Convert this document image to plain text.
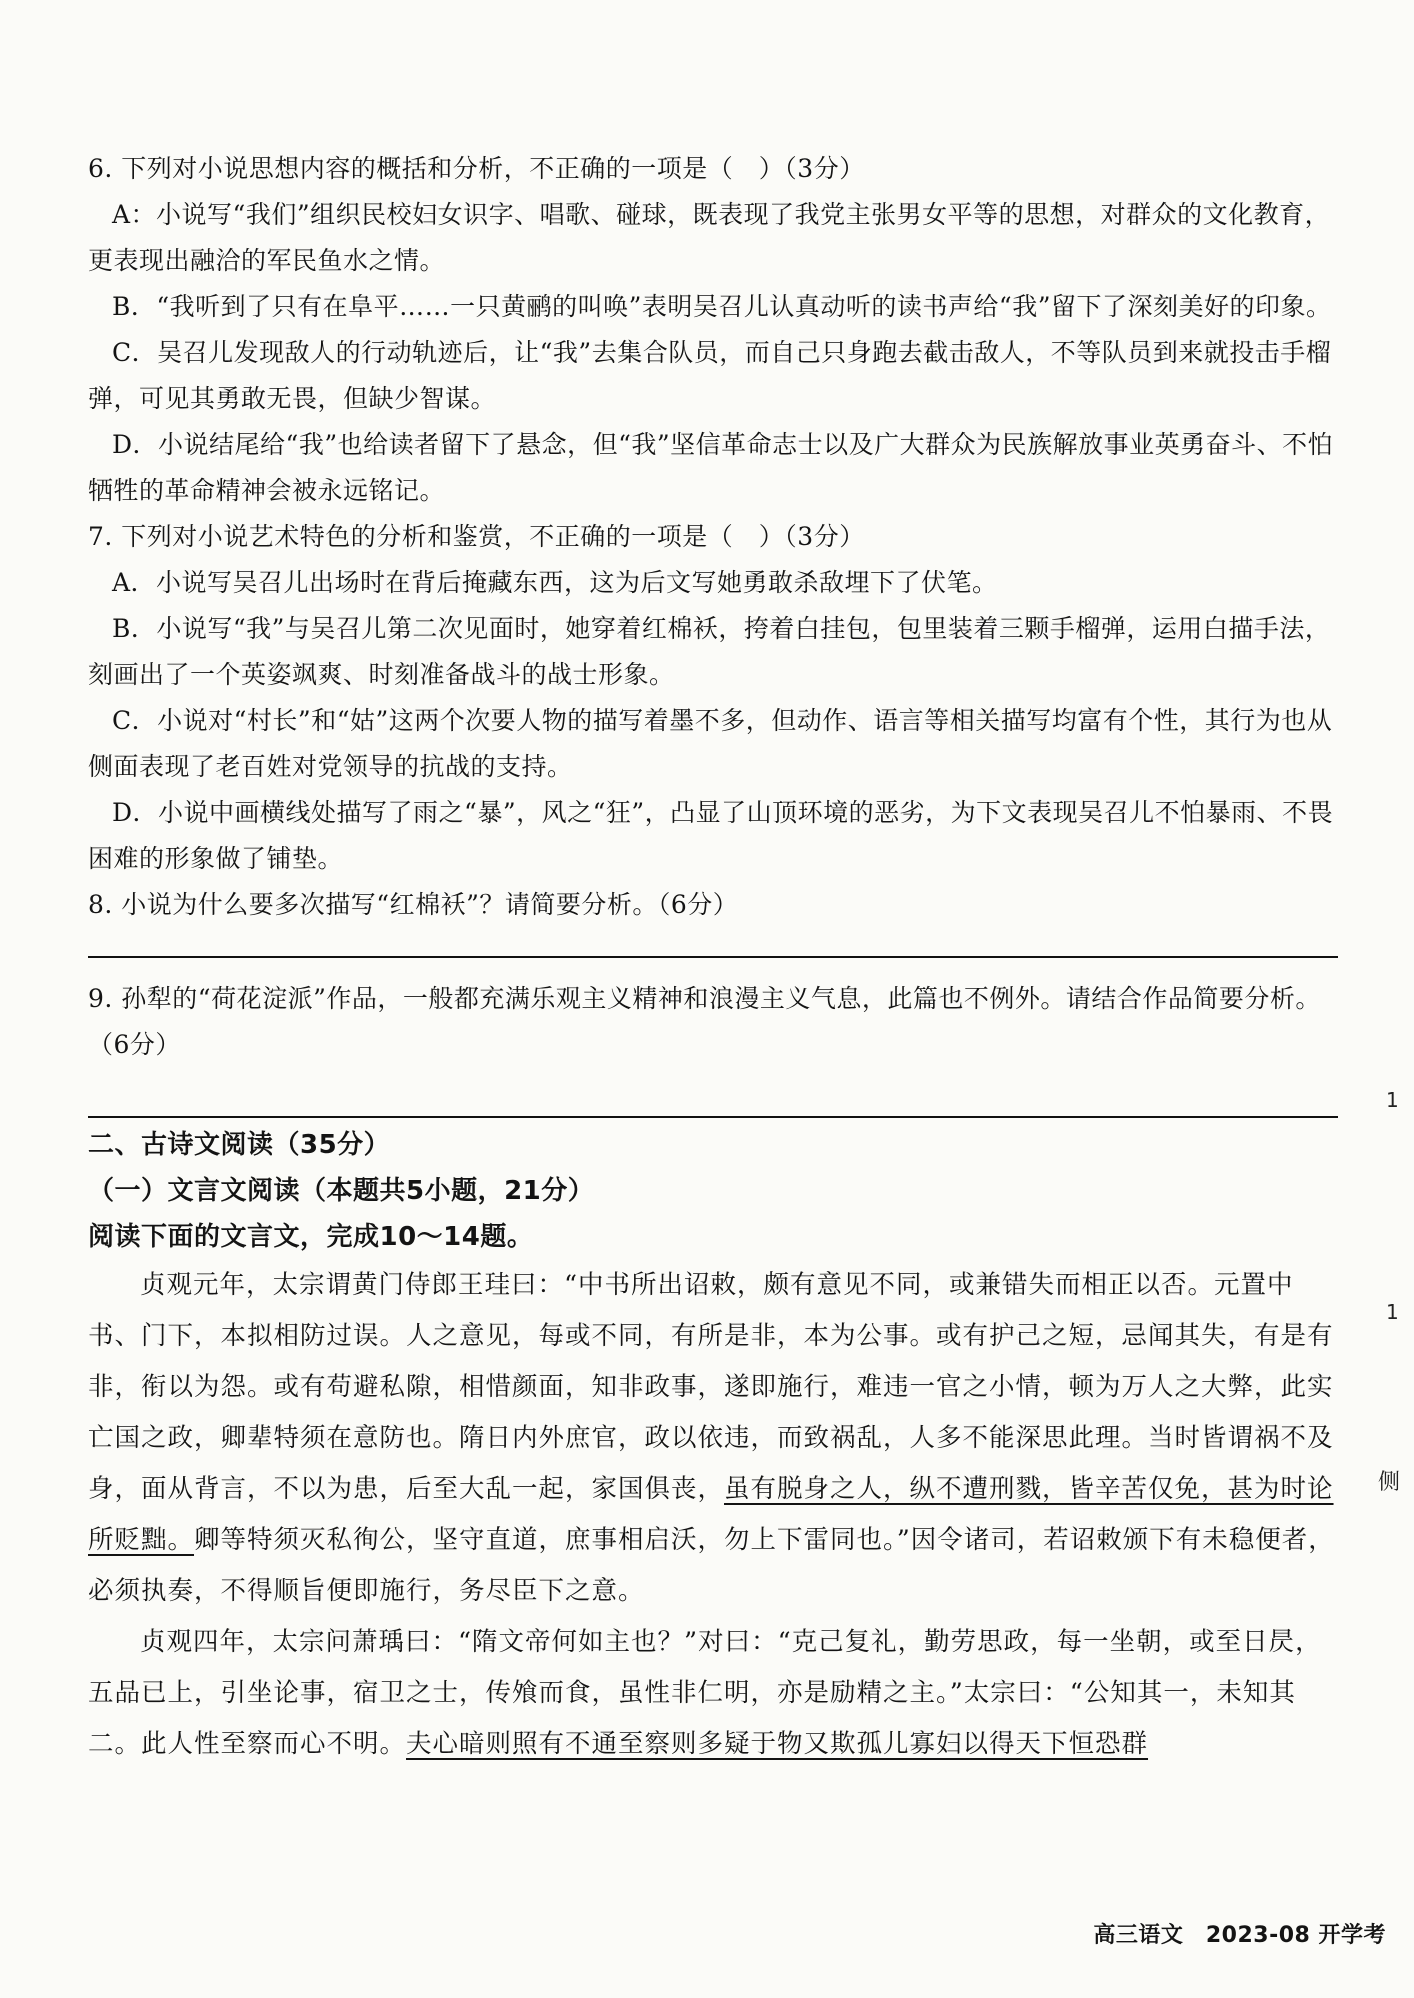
6. 下列对小说思想内容的概括和分析，不正确的一项是（　）（3分）

A：小说写“我们”组织民校妇女识字、唱歌、碰球，既表现了我党主张男女平等的思想，对群众的文化教育，更表现出融洽的军民鱼水之情。

B．“我听到了只有在阜平……一只黄鹂的叫唤”表明吴召儿认真动听的读书声给“我”留下了深刻美好的印象。

C．吴召儿发现敌人的行动轨迹后，让“我”去集合队员，而自己只身跑去截击敌人，不等队员到来就投击手榴弹，可见其勇敢无畏，但缺少智谋。

D．小说结尾给“我”也给读者留下了悬念，但“我”坚信革命志士以及广大群众为民族解放事业英勇奋斗、不怕牺牲的革命精神会被永远铭记。

7. 下列对小说艺术特色的分析和鉴赏，不正确的一项是（　）（3分）

A．小说写吴召儿出场时在背后掩藏东西，这为后文写她勇敢杀敌埋下了伏笔。

B．小说写“我”与吴召儿第二次见面时，她穿着红棉袄，挎着白挂包，包里装着三颗手榴弹，运用白描手法，刻画出了一个英姿飒爽、时刻准备战斗的战士形象。

C．小说对“村长”和“姑”这两个次要人物的描写着墨不多，但动作、语言等相关描写均富有个性，其行为也从侧面表现了老百姓对党领导的抗战的支持。

D．小说中画横线处描写了雨之“暴”，风之“狂”，凸显了山顶环境的恶劣，为下文表现吴召儿不怕暴雨、不畏困难的形象做了铺垫。

8. 小说为什么要多次描写“红棉袄”？请简要分析。（6分）

9. 孙犁的“荷花淀派”作品，一般都充满乐观主义精神和浪漫主义气息，此篇也不例外。请结合作品简要分析。（6分）

二、古诗文阅读（35分）

（一）文言文阅读（本题共5小题，21分）

阅读下面的文言文，完成10～14题。

贞观元年，太宗谓黄门侍郎王珪曰：“中书所出诏敕，颇有意见不同，或兼错失而相正以否。元置中书、门下，本拟相防过误。人之意见，每或不同，有所是非，本为公事。或有护己之短，忌闻其失，有是有非，衔以为怨。或有苟避私隙，相惜颜面，知非政事，遂即施行，难违一官之小情，顿为万人之大弊，此实亡国之政，卿辈特须在意防也。隋日内外庶官，政以依违，而致祸乱，人多不能深思此理。当时皆谓祸不及身，面从背言，不以为患，后至大乱一起，家国俱丧，虽有脱身之人，纵不遭刑戮，皆辛苦仅免，甚为时论所贬黜。卿等特须灭私徇公，坚守直道，庶事相启沃，勿上下雷同也。”因令诸司，若诏敕颁下有未稳便者，必须执奏，不得顺旨便即施行，务尽臣下之意。

贞观四年，太宗问萧瑀曰：“隋文帝何如主也？”对曰：“克己复礼，勤劳思政，每一坐朝，或至日昃，五品已上，引坐论事，宿卫之士，传飧而食，虽性非仁明，亦是励精之主。”太宗曰：“公知其一，未知其二。此人性至察而心不明。夫心暗则照有不通至察则多疑于物又欺孤儿寡妇以得天下恒恐群

1
1
侧
高三语文　2023-08 开学考
